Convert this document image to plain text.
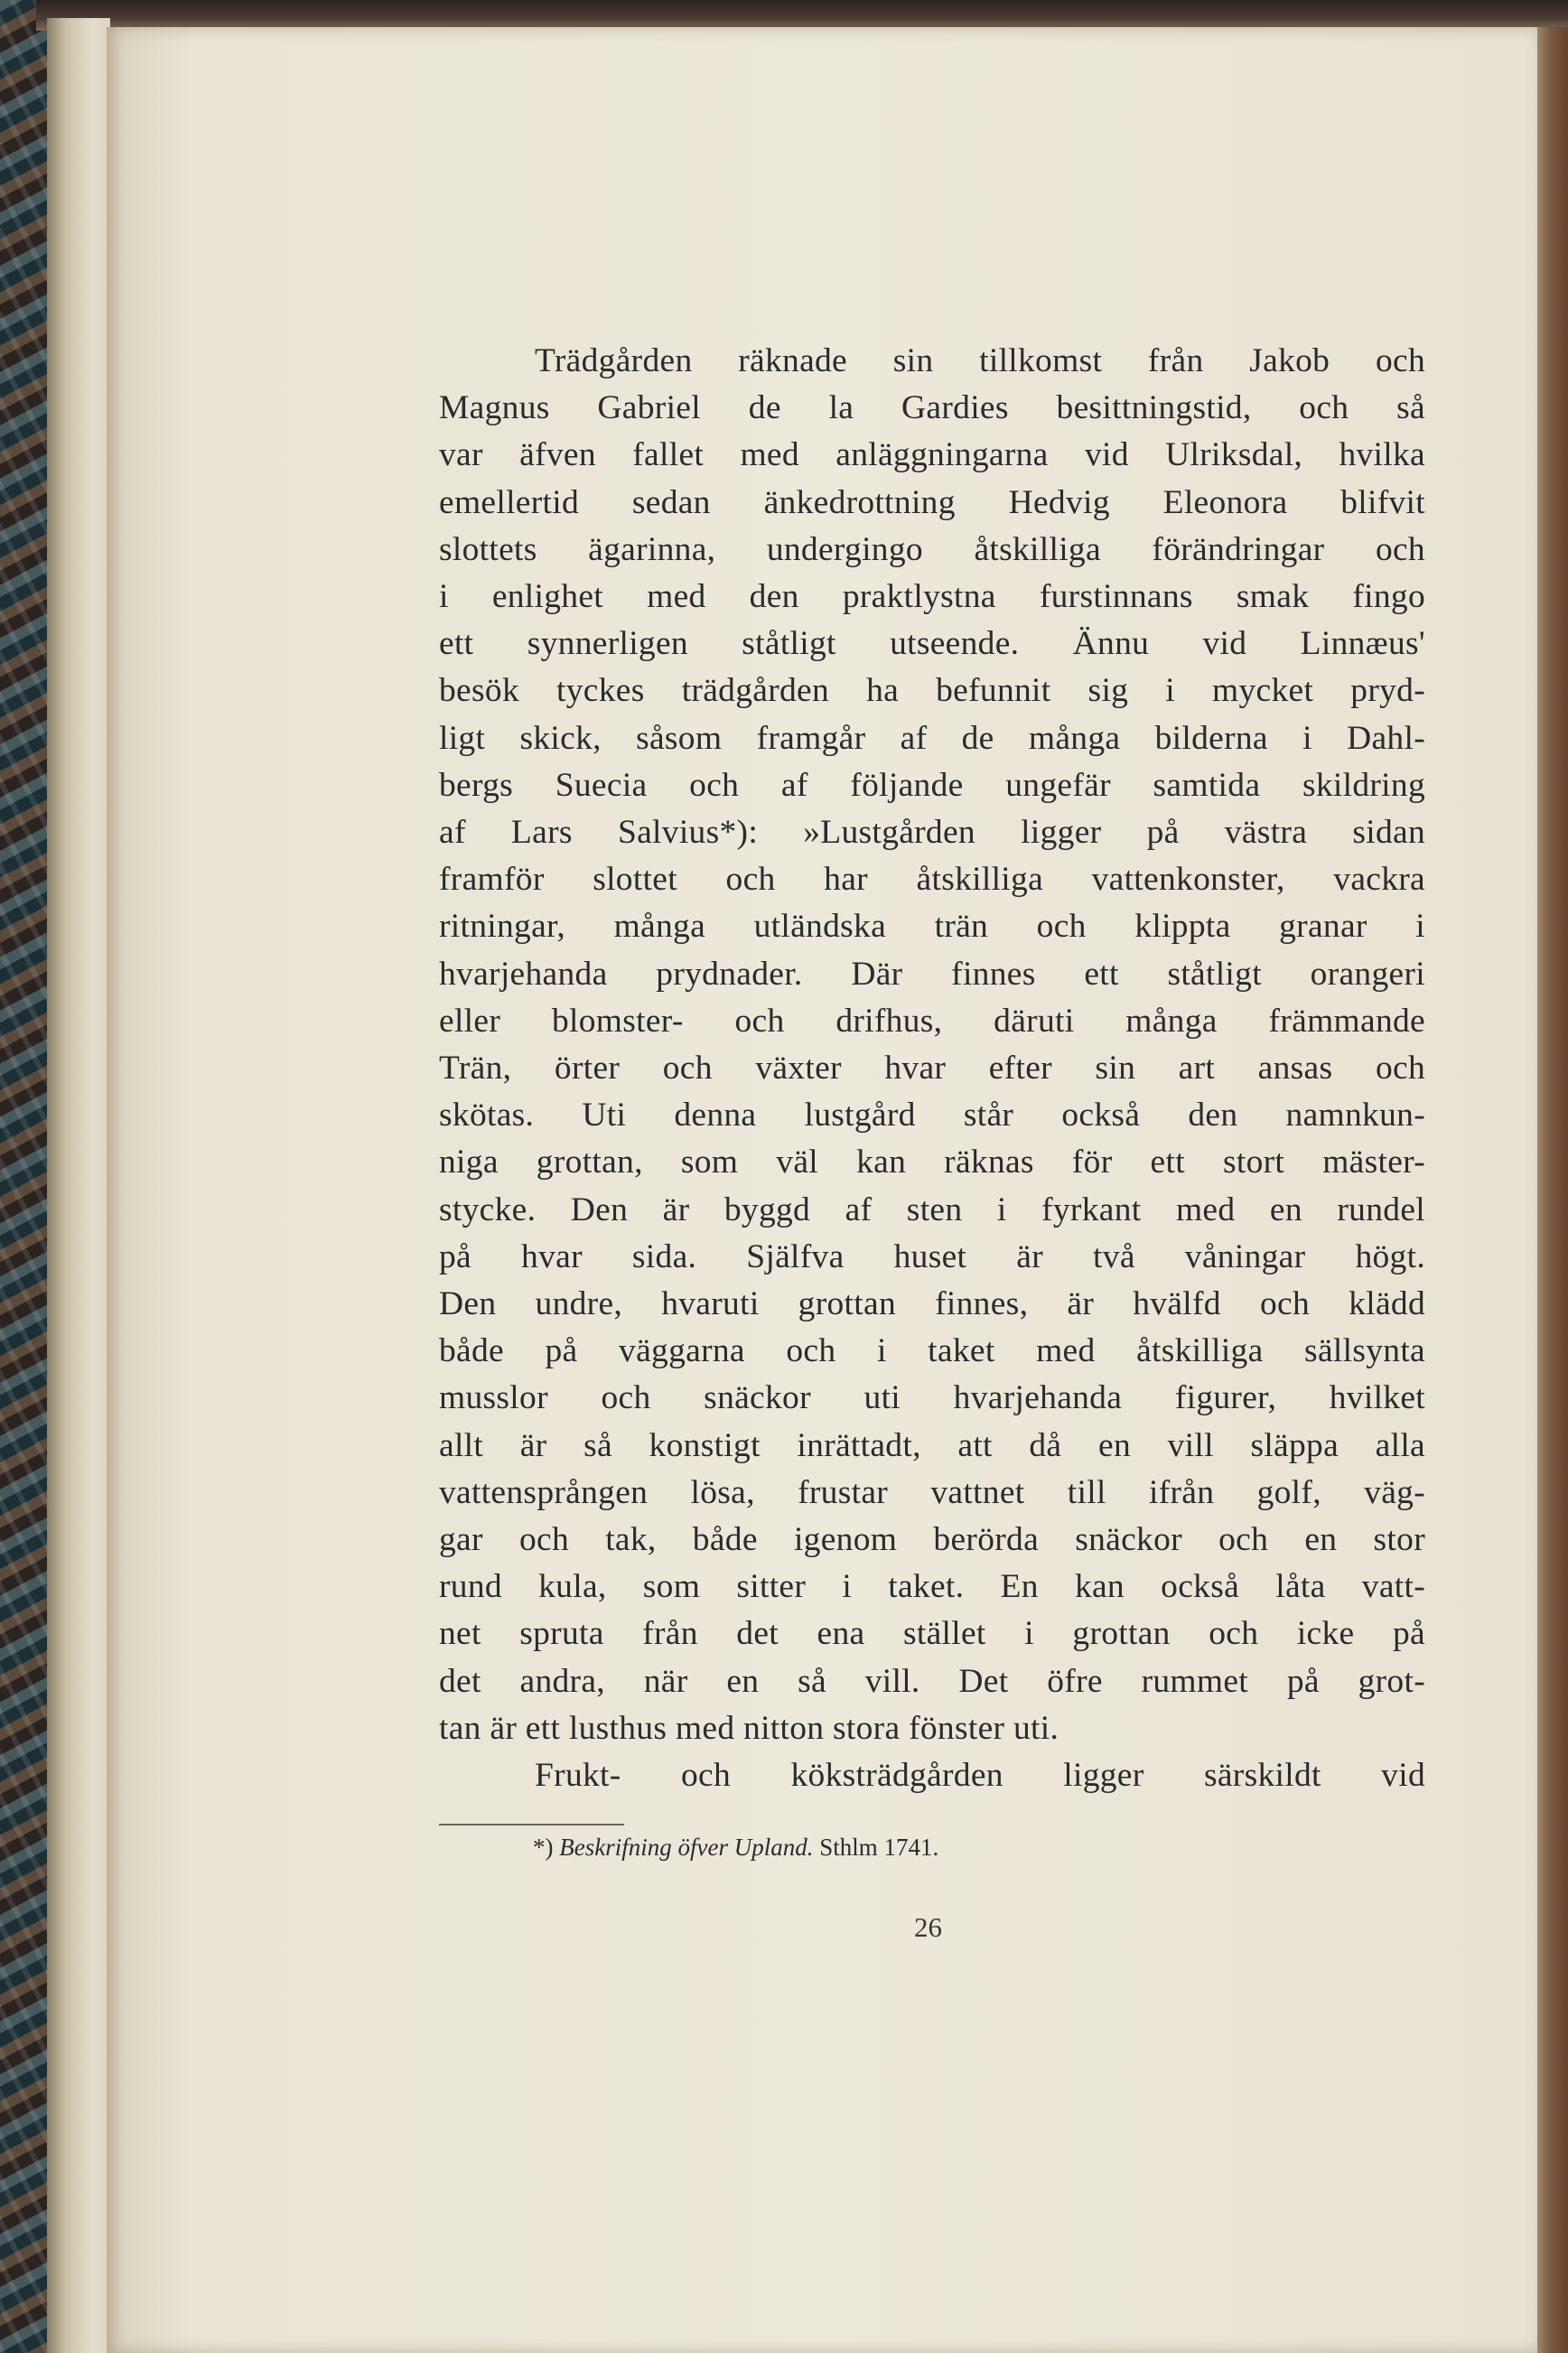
Trädgården räknade sin tillkomst från Jakob och
Magnus Gabriel de la Gardies besittningstid, och så
var äfven fallet med anläggningarna vid Ulriksdal, hvilka
emellertid sedan änkedrottning Hedvig Eleonora blifvit
slottets ägarinna, undergingo åtskilliga förändringar och
i enlighet med den praktlystna furstinnans smak fingo
ett synnerligen ståtligt utseende. Ännu vid Linnæus'
besök tyckes trädgården ha befunnit sig i mycket pryd-
ligt skick, såsom framgår af de många bilderna i Dahl-
bergs Suecia och af följande ungefär samtida skildring
af Lars Salvius*): »Lustgården ligger på västra sidan
framför slottet och har åtskilliga vattenkonster, vackra
ritningar, många utländska trän och klippta granar i
hvarjehanda prydnader. Där finnes ett ståtligt orangeri
eller blomster- och drifhus, däruti många främmande
Trän, örter och växter hvar efter sin art ansas och
skötas. Uti denna lustgård står också den namnkun-
niga grottan, som väl kan räknas för ett stort mäster-
stycke. Den är byggd af sten i fyrkant med en rundel
på hvar sida. Själfva huset är två våningar högt.
Den undre, hvaruti grottan finnes, är hvälfd och klädd
både på väggarna och i taket med åtskilliga sällsynta
musslor och snäckor uti hvarjehanda figurer, hvilket
allt är så konstigt inrättadt, att då en vill släppa alla
vattensprången lösa, frustar vattnet till ifrån golf, väg-
gar och tak, både igenom berörda snäckor och en stor
rund kula, som sitter i taket. En kan också låta vatt-
net spruta från det ena stället i grottan och icke på
det andra, när en så vill. Det öfre rummet på grot-
tan är ett lusthus med nitton stora fönster uti.
Frukt- och köksträdgården ligger särskildt vid
*) Beskrifning öfver Upland. Sthlm 1741.
26
